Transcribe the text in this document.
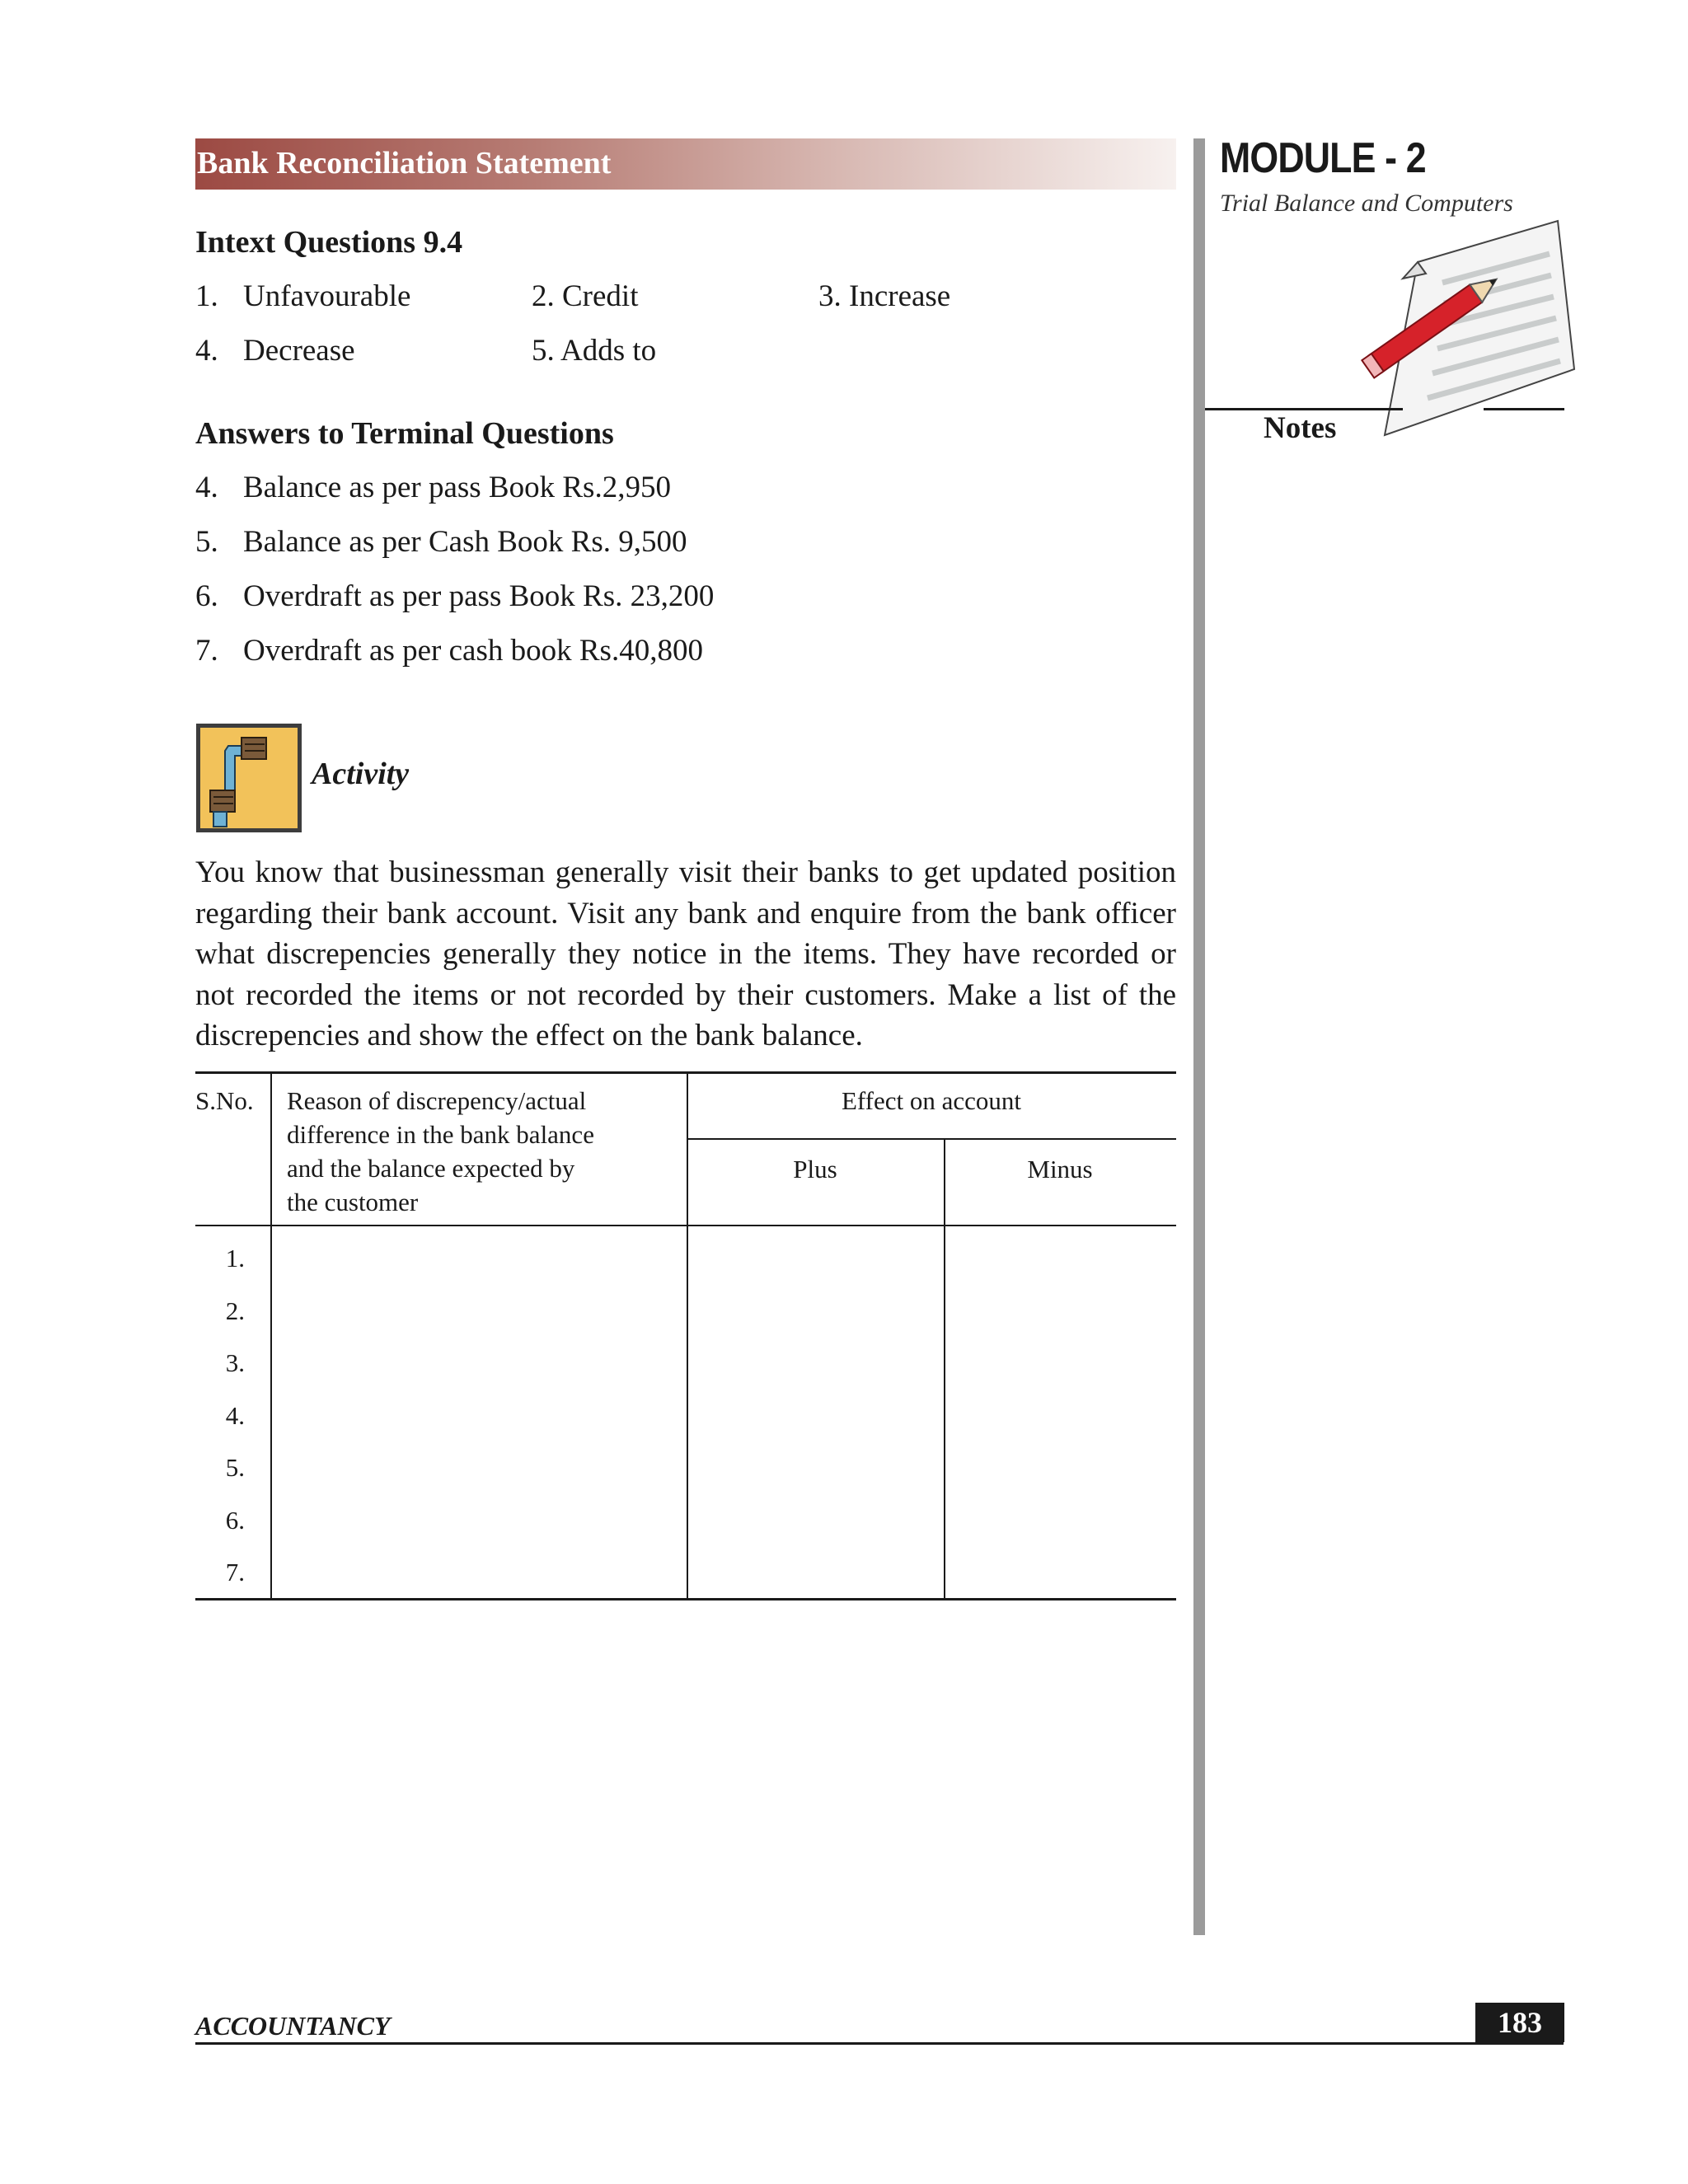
Bank Reconciliation Statement	MODULE - 2
Trial Balance and Computers
Notes
Intext Questions 9.4
1. Unfavourable	2. Credit	3. Increase
4. Decrease	5. Adds to
Answers to Terminal Questions
4. Balance as per pass Book Rs.2,950
5. Balance as per Cash Book Rs. 9,500
6. Overdraft as per pass Book Rs. 23,200
7. Overdraft as per cash book Rs.40,800
Activity
You know that businessman generally visit their banks to get updated position regarding their bank account. Visit any bank and enquire from the bank officer what discrepencies generally they notice in the items. They have recorded or not recorded the items or not recorded by their customers. Make a list of the discrepencies and show the effect on the bank balance.
S.No. Reason of discrepency/actual
difference in the bank balance
and the balance expected by
the customer
Effect on account
Plus	Minus
1.
2.
3.
4.
5.
6.
7.
ACCOUNTANCY	183
